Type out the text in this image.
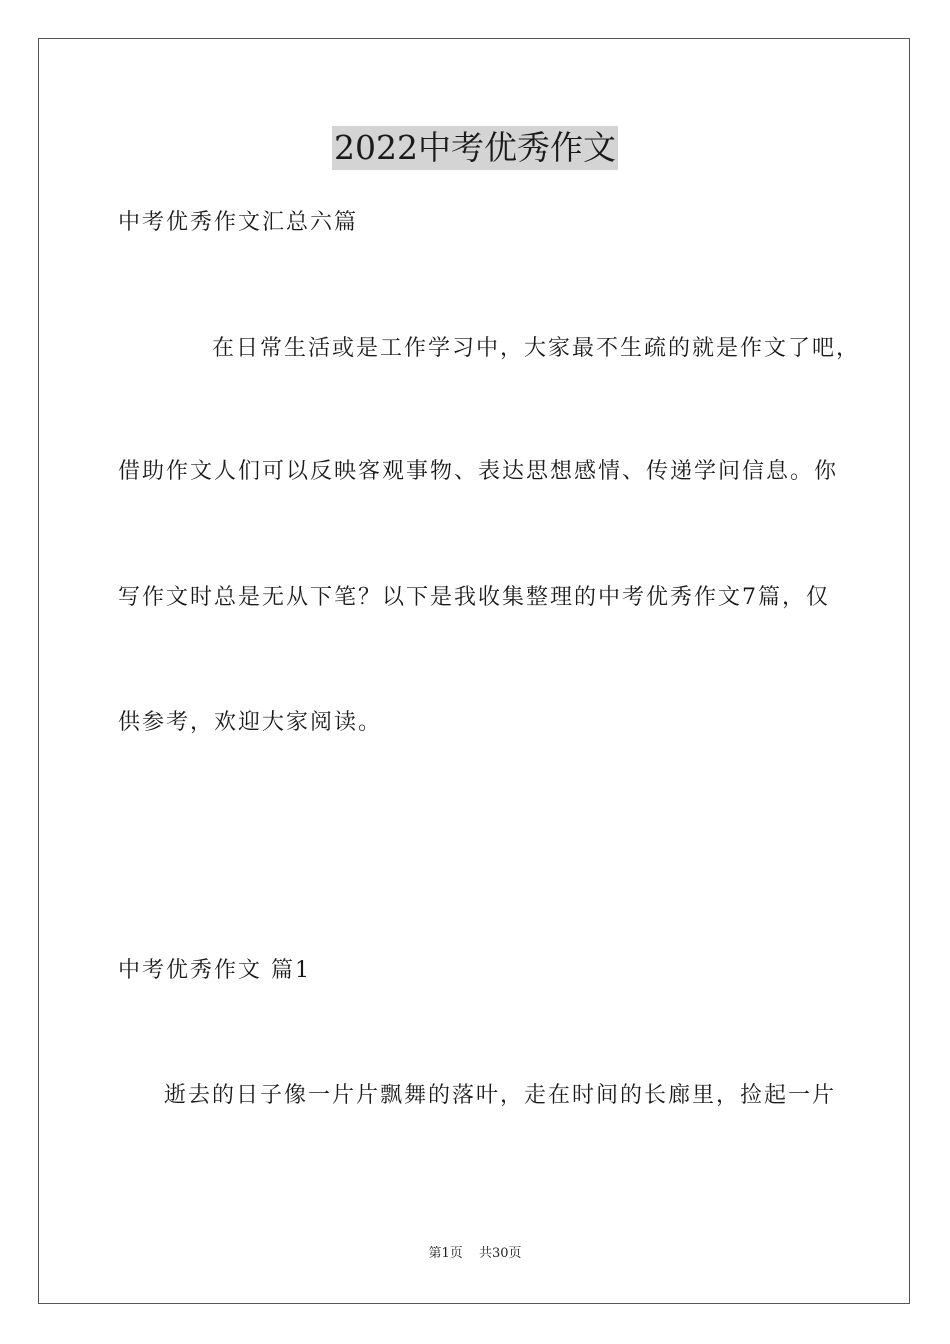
2022中考优秀作文
中考优秀作文汇总六篇
在日常生活或是工作学习中，大家最不生疏的就是作文了吧，
借助作文人们可以反映客观事物、表达思想感情、传递学问信息。你
写作文时总是无从下笔？以下是我收集整理的中考优秀作文7篇，仅
供参考，欢迎大家阅读。
中考优秀作文 篇1
逝去的日子像一片片飘舞的落叶，走在时间的长廊里，捡起一片
第1页 共30页
